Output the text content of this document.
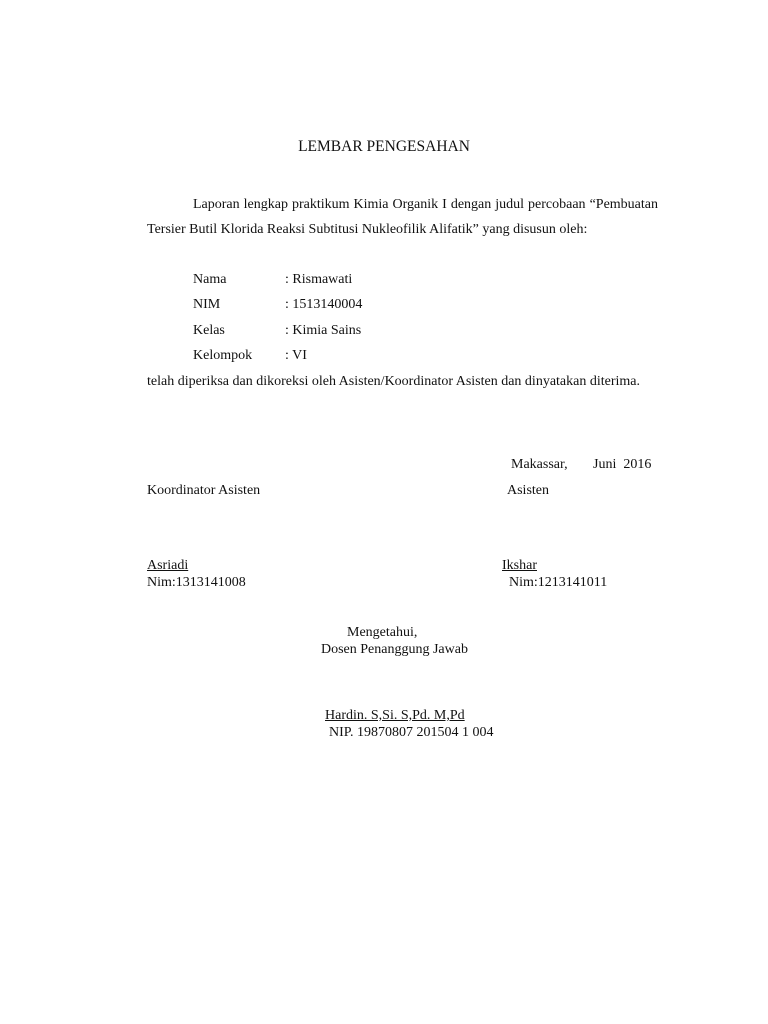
LEMBAR PENGESAHAN

Laporan lengkap praktikum Kimia Organik I dengan judul percobaan “Pembuatan Tersier Butil Klorida Reaksi Subtitusi Nukleofilik Alifatik” yang disusun oleh:

Nama	: Rismawati
NIM	: 1513140004
Kelas	: Kimia Sains
Kelompok : VI

telah diperiksa dan dikoreksi oleh Asisten/Koordinator Asisten dan dinyatakan diterima.

Makassar, Juni  2016
Koordinator Asisten	Asisten
Asriadi
Nim:1313141008
Ikshar
Nim:1213141011
Mengetahui,
Dosen Penanggung Jawab
Hardin. S,Si. S,Pd. M,Pd
NIP. 19870807 201504 1 004
